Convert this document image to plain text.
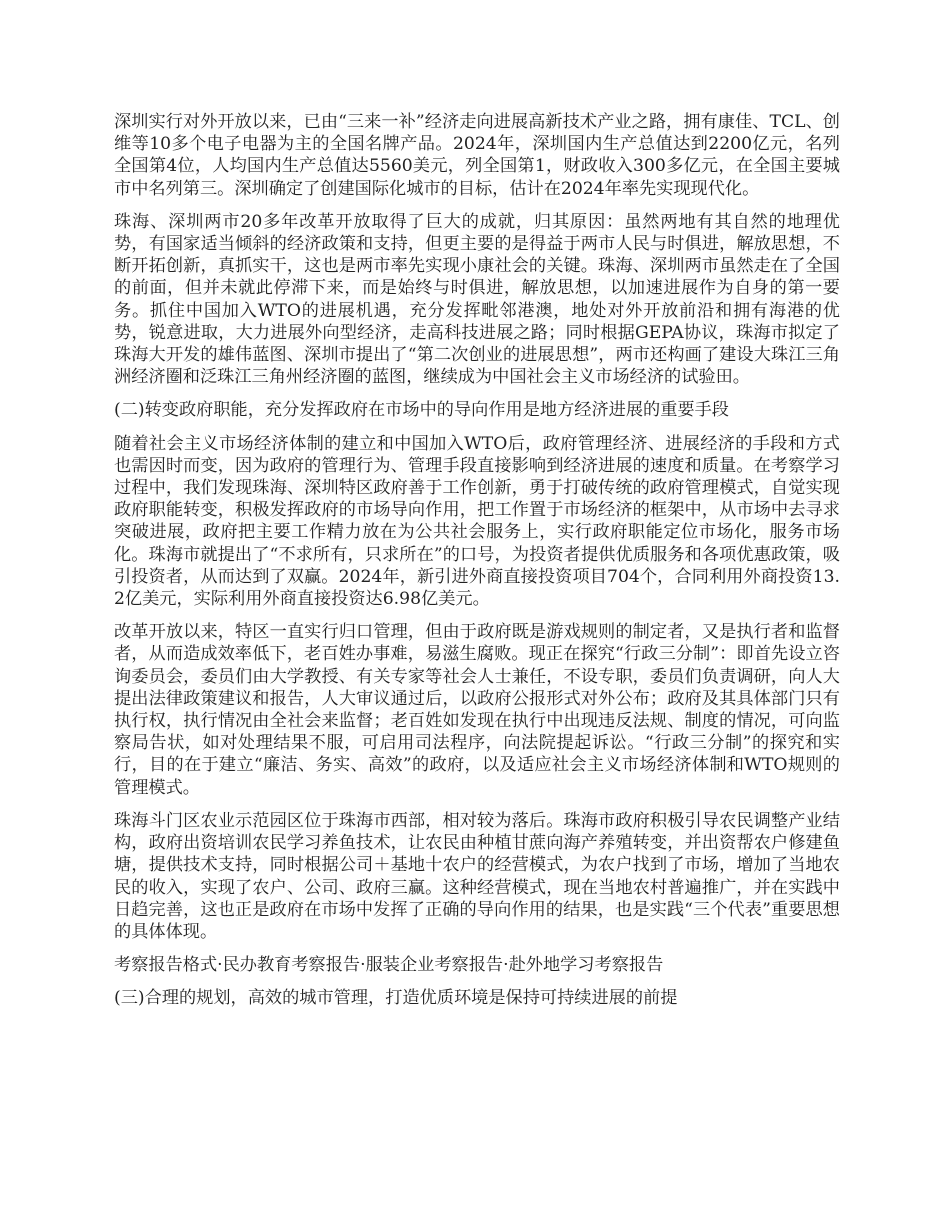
深圳实行对外开放以来，已由“三来一补”经济走向进展高新技术产业之路，拥有康佳、TCL、创维等10多个电子电器为主的全国名牌产品。2024年，深圳国内生产总值达到2200亿元，名列全国第4位，人均国内生产总值达5560美元，列全国第1，财政收入300多亿元，在全国主要城市中名列第三。深圳确定了创建国际化城市的目标，估计在2024年率先实现现代化。

珠海、深圳两市20多年改革开放取得了巨大的成就，归其原因：虽然两地有其自然的地理优势，有国家适当倾斜的经济政策和支持，但更主要的是得益于两市人民与时俱进，解放思想，不断开拓创新，真抓实干，这也是两市率先实现小康社会的关键。珠海、深圳两市虽然走在了全国的前面，但并未就此停滞下来，而是始终与时俱进，解放思想，以加速进展作为自身的第一要务。抓住中国加入WTO的进展机遇，充分发挥毗邻港澳，地处对外开放前沿和拥有海港的优势，锐意进取，大力进展外向型经济，走高科技进展之路；同时根据GEPA协议，珠海市拟定了珠海大开发的雄伟蓝图、深圳市提出了“第二次创业的进展思想”，两市还构画了建设大珠江三角洲经济圈和泛珠江三角州经济圈的蓝图，继续成为中国社会主义市场经济的试验田。

(二)转变政府职能，充分发挥政府在市场中的导向作用是地方经济进展的重要手段

随着社会主义市场经济体制的建立和中国加入WTO后，政府管理经济、进展经济的手段和方式也需因时而变，因为政府的管理行为、管理手段直接影响到经济进展的速度和质量。在考察学习过程中，我们发现珠海、深圳特区政府善于工作创新，勇于打破传统的政府管理模式，自觉实现政府职能转变，积极发挥政府的市场导向作用，把工作置于市场经济的框架中，从市场中去寻求突破进展，政府把主要工作精力放在为公共社会服务上，实行政府职能定位市场化，服务市场化。珠海市就提出了“不求所有，只求所在”的口号，为投资者提供优质服务和各项优惠政策，吸引投资者，从而达到了双赢。2024年，新引进外商直接投资项目704个，合同利用外商投资13.2亿美元，实际利用外商直接投资达6.98亿美元。

改革开放以来，特区一直实行归口管理，但由于政府既是游戏规则的制定者，又是执行者和监督者，从而造成效率低下，老百姓办事难，易滋生腐败。现正在探究“行政三分制”：即首先设立咨询委员会，委员们由大学教授、有关专家等社会人士兼任，不设专职，委员们负责调研，向人大提出法律政策建议和报告，人大审议通过后，以政府公报形式对外公布；政府及其具体部门只有执行权，执行情况由全社会来监督；老百姓如发现在执行中出现违反法规、制度的情况，可向监察局告状，如对处理结果不服，可启用司法程序，向法院提起诉讼。“行政三分制”的探究和实行，目的在于建立“廉洁、务实、高效”的政府，以及适应社会主义市场经济体制和WTO规则的管理模式。

珠海斗门区农业示范园区位于珠海市西部，相对较为落后。珠海市政府积极引导农民调整产业结构，政府出资培训农民学习养鱼技术，让农民由种植甘蔗向海产养殖转变，并出资帮农户修建鱼塘，提供技术支持，同时根据公司＋基地十农户的经营模式，为农户找到了市场，增加了当地农民的收入，实现了农户、公司、政府三赢。这种经营模式，现在当地农村普遍推广，并在实践中日趋完善，这也正是政府在市场中发挥了正确的导向作用的结果，也是实践“三个代表”重要思想的具体体现。

考察报告格式·民办教育考察报告·服装企业考察报告·赴外地学习考察报告

(三)合理的规划，高效的城市管理，打造优质环境是保持可持续进展的前提
